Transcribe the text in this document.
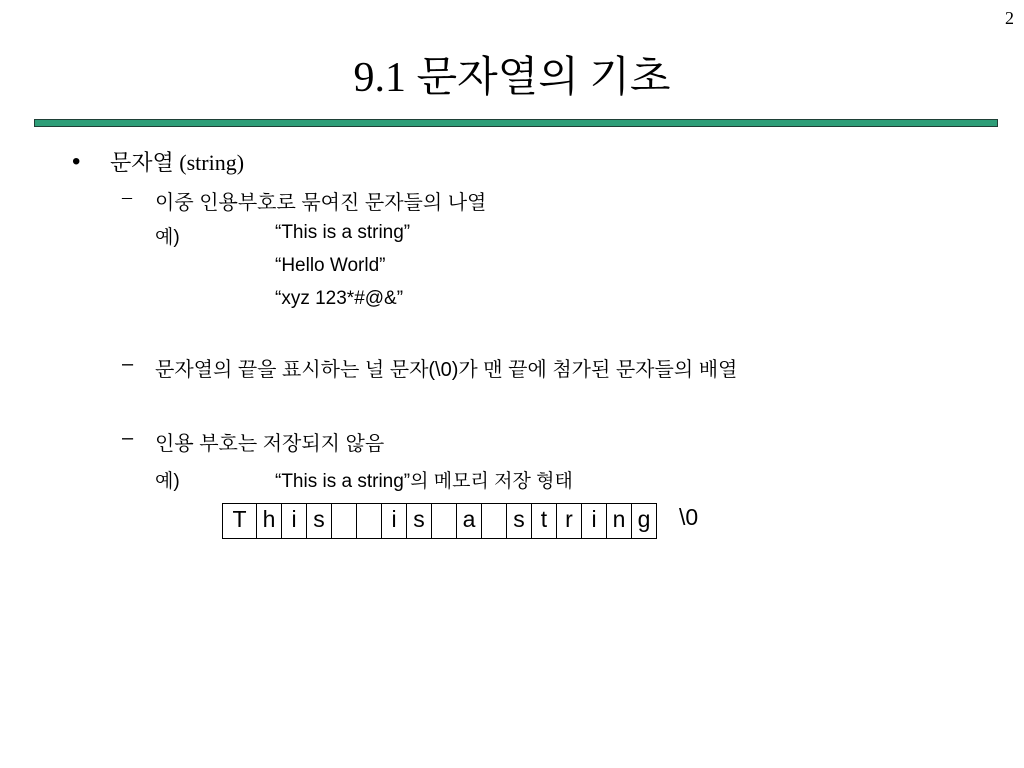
2
9.1 문자열의 기초
• 문자열 (string)
– 이중 인용부호로 묶여진 문자들의 나열
예)	“This is a string”
“Hello World”
“xyz 123*#@&”
– 문자열의 끝을 표시하는 널 문자(\0)가 맨 끝에 첨가된 문자들의 배열
– 인용 부호는 저장되지 않음
예)	“This is a string”의 메모리 저장 형태
T	h	i	s			i	s		a		s	t	r	i	n	g \0
